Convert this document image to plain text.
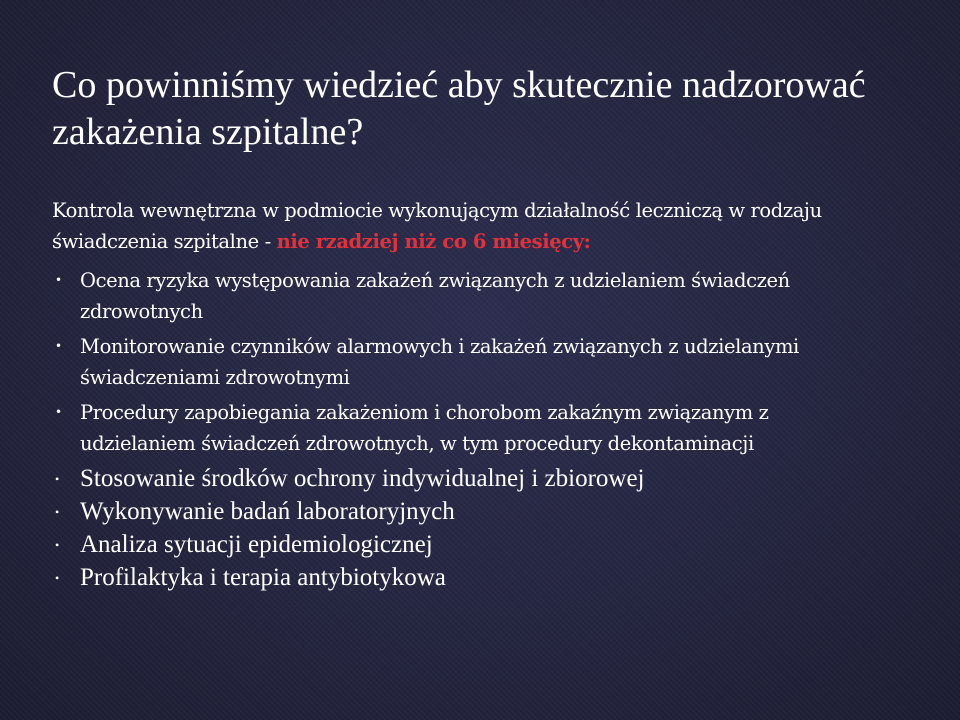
Co powinniśmy wiedzieć aby skutecznie nadzorować zakażenia szpitalne?

Kontrola wewnętrzna w podmiocie wykonującym działalność leczniczą w rodzaju świadczenia szpitalne - nie rzadziej niż co 6 miesięcy:

• Ocena ryzyka występowania zakażeń związanych z udzielaniem świadczeń zdrowotnych
• Monitorowanie czynników alarmowych i zakażeń związanych z udzielanymi świadczeniami zdrowotnymi
• Procedury zapobiegania zakażeniom i chorobom zakaźnym związanym z udzielaniem świadczeń zdrowotnych, w tym procedury dekontaminacji
• Stosowanie środków ochrony indywidualnej i zbiorowej
• Wykonywanie badań laboratoryjnych
• Analiza sytuacji epidemiologicznej
• Profilaktyka i terapia antybiotykowa
